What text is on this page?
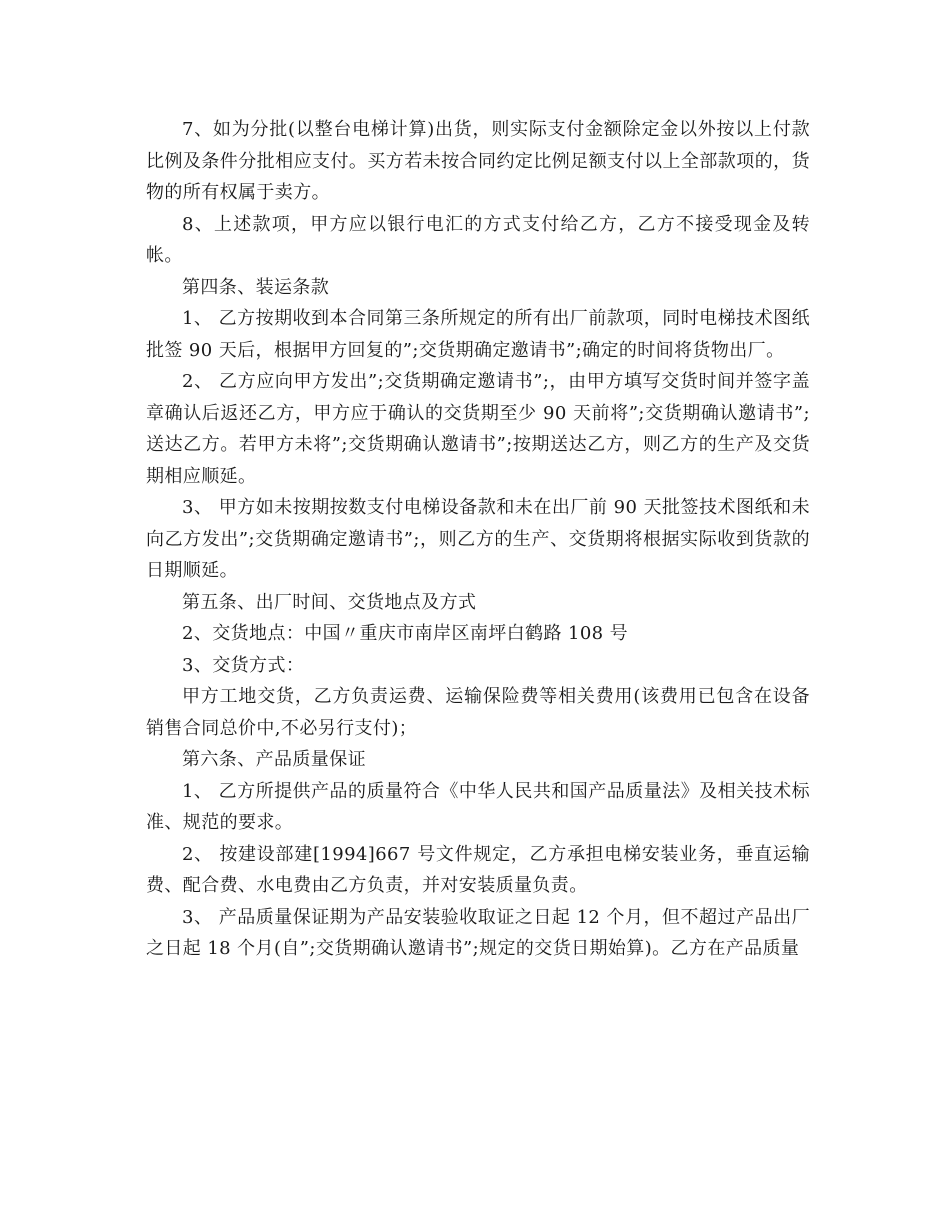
7、如为分批(以整台电梯计算)出货，则实际支付金额除定金以外按以上付款比例及条件分批相应支付。买方若未按合同约定比例足额支付以上全部款项的，货物的所有权属于卖方。

8、上述款项，甲方应以银行电汇的方式支付给乙方，乙方不接受现金及转帐。

第四条、装运条款

1、 乙方按期收到本合同第三条所规定的所有出厂前款项，同时电梯技术图纸批签 90 天后，根据甲方回复的”;交货期确定邀请书”;确定的时间将货物出厂。

2、 乙方应向甲方发出”;交货期确定邀请书”;，由甲方填写交货时间并签字盖章确认后返还乙方，甲方应于确认的交货期至少 90 天前将”;交货期确认邀请书”;送达乙方。若甲方未将”;交货期确认邀请书”;按期送达乙方，则乙方的生产及交货期相应顺延。

3、 甲方如未按期按数支付电梯设备款和未在出厂前 90 天批签技术图纸和未向乙方发出”;交货期确定邀请书”;，则乙方的生产、交货期将根据实际收到货款的日期顺延。

第五条、出厂时间、交货地点及方式

2、交货地点：中国〃重庆市南岸区南坪白鹤路 108 号

3、交货方式：

甲方工地交货，乙方负责运费、运输保险费等相关费用(该费用已包含在设备销售合同总价中,不必另行支付)；

第六条、产品质量保证

1、 乙方所提供产品的质量符合《中华人民共和国产品质量法》及相关技术标准、规范的要求。

2、 按建设部建[1994]667 号文件规定，乙方承担电梯安装业务，垂直运输费、配合费、水电费由乙方负责，并对安装质量负责。

3、 产品质量保证期为产品安装验收取证之日起 12 个月，但不超过产品出厂之日起 18 个月(自”;交货期确认邀请书”;规定的交货日期始算)。乙方在产品质量
